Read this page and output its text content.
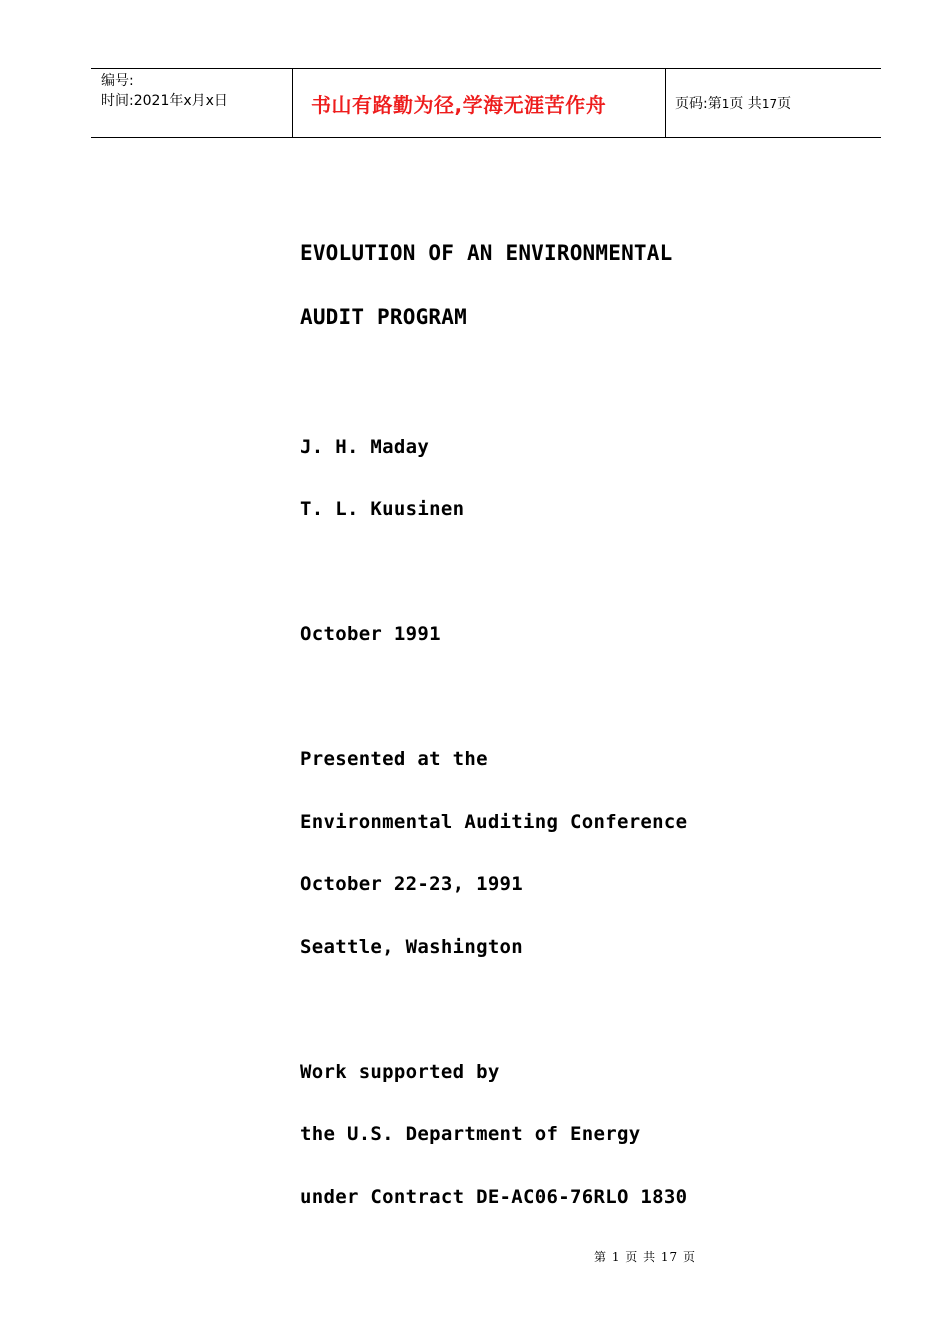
编号:
时间:2021年x月x日	书山有路勤为径,学海无涯苦作舟	页码:第1页 共17页
EVOLUTION OF AN ENVIRONMENTAL
AUDIT PROGRAM
J. H. Maday
T. L. Kuusinen
October 1991
Presented at the
Environmental Auditing Conference
October 22-23, 1991
Seattle, Washington
Work supported by
the U.S. Department of Energy
under Contract DE-AC06-76RLO 1830
第 1 页 共 17 页
